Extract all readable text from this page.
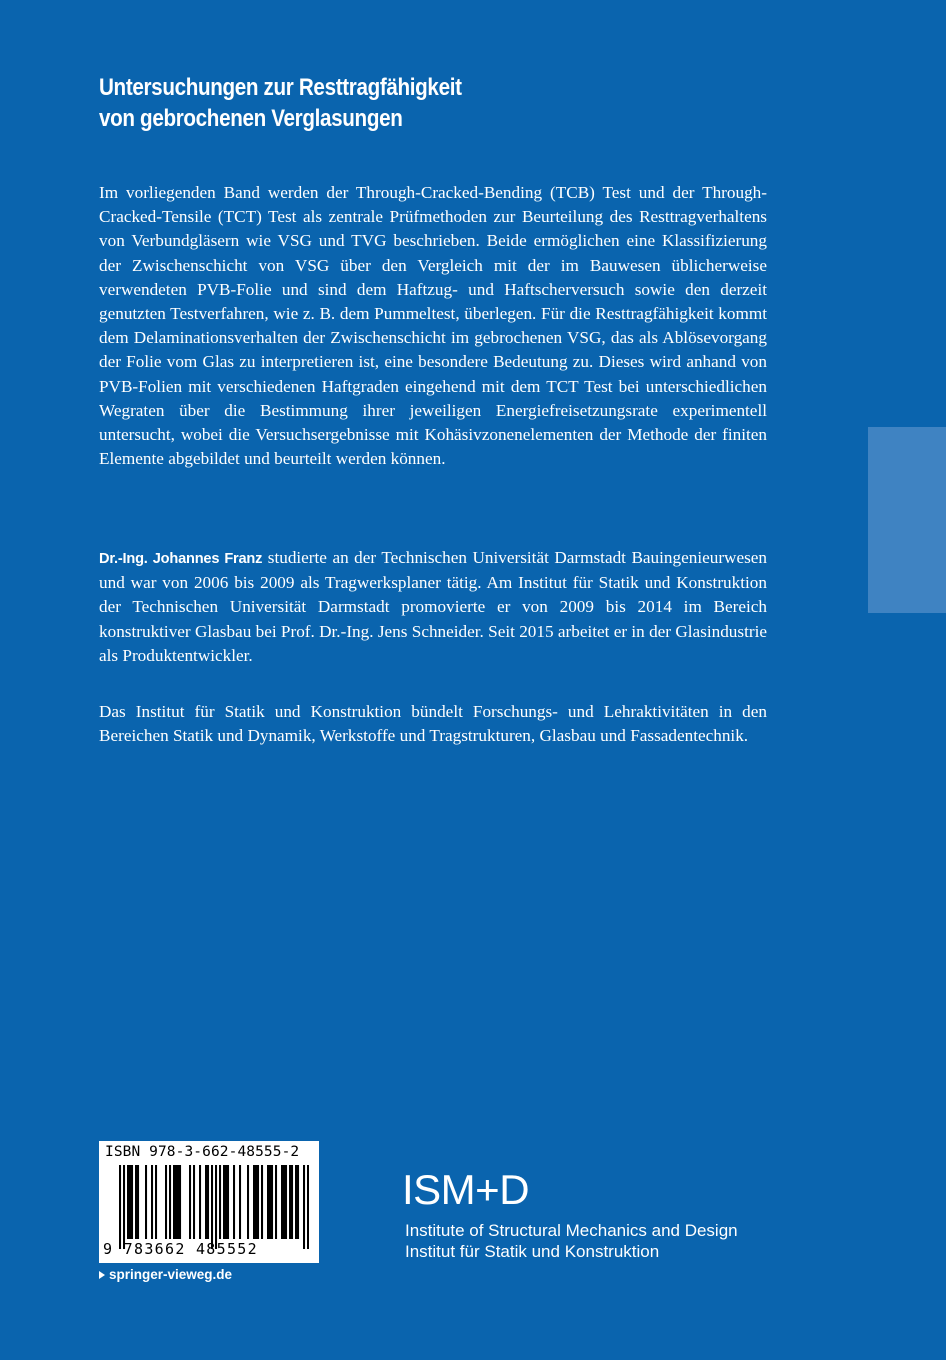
Untersuchungen zur Resttragfähigkeit
von gebrochenen Verglasungen

Im vorliegenden Band werden der Through-Cracked-Bending (TCB) Test und der Through-Cracked-Tensile (TCT) Test als zentrale Prüfmethoden zur Beurteilung des Resttragverhaltens von Verbundgläsern wie VSG und TVG beschrieben. Beide ermöglichen eine Klassifizierung der Zwischenschicht von VSG über den Vergleich mit der im Bauwesen üblicherweise verwendeten PVB-Folie und sind dem Haftzug- und Haftscherversuch sowie den derzeit genutzten Testverfahren, wie z. B. dem Pummeltest, überlegen. Für die Resttragfähigkeit kommt dem Delaminationsverhalten der Zwischenschicht im gebrochenen VSG, das als Ablösevorgang der Folie vom Glas zu interpretieren ist, eine besondere Bedeutung zu. Dieses wird anhand von PVB-Folien mit verschiedenen Haftgraden eingehend mit dem TCT Test bei unterschiedlichen Wegraten über die Bestimmung ihrer jeweiligen Energiefreisetzungsrate experimentell untersucht, wobei die Versuchsergebnisse mit Kohäsivzonenelementen der Methode der finiten Elemente abgebildet und beurteilt werden können.

Dr.-Ing. Johannes Franz studierte an der Technischen Universität Darmstadt Bauingenieurwesen und war von 2006 bis 2009 als Tragwerksplaner tätig. Am Institut für Statik und Konstruktion der Technischen Universität Darmstadt promovierte er von 2009 bis 2014 im Bereich konstruktiver Glasbau bei Prof. Dr.-Ing. Jens Schneider. Seit 2015 arbeitet er in der Glasindustrie als Produktentwickler.

Das Institut für Statik und Konstruktion bündelt Forschungs- und Lehraktivitäten in den Bereichen Statik und Dynamik, Werkstoffe und Tragstrukturen, Glasbau und Fassadentechnik.

ISBN 978-3-662-48555-2
9 783662 485552
springer-vieweg.de
ISM+D
Institute of Structural Mechanics and Design
Institut für Statik und Konstruktion
